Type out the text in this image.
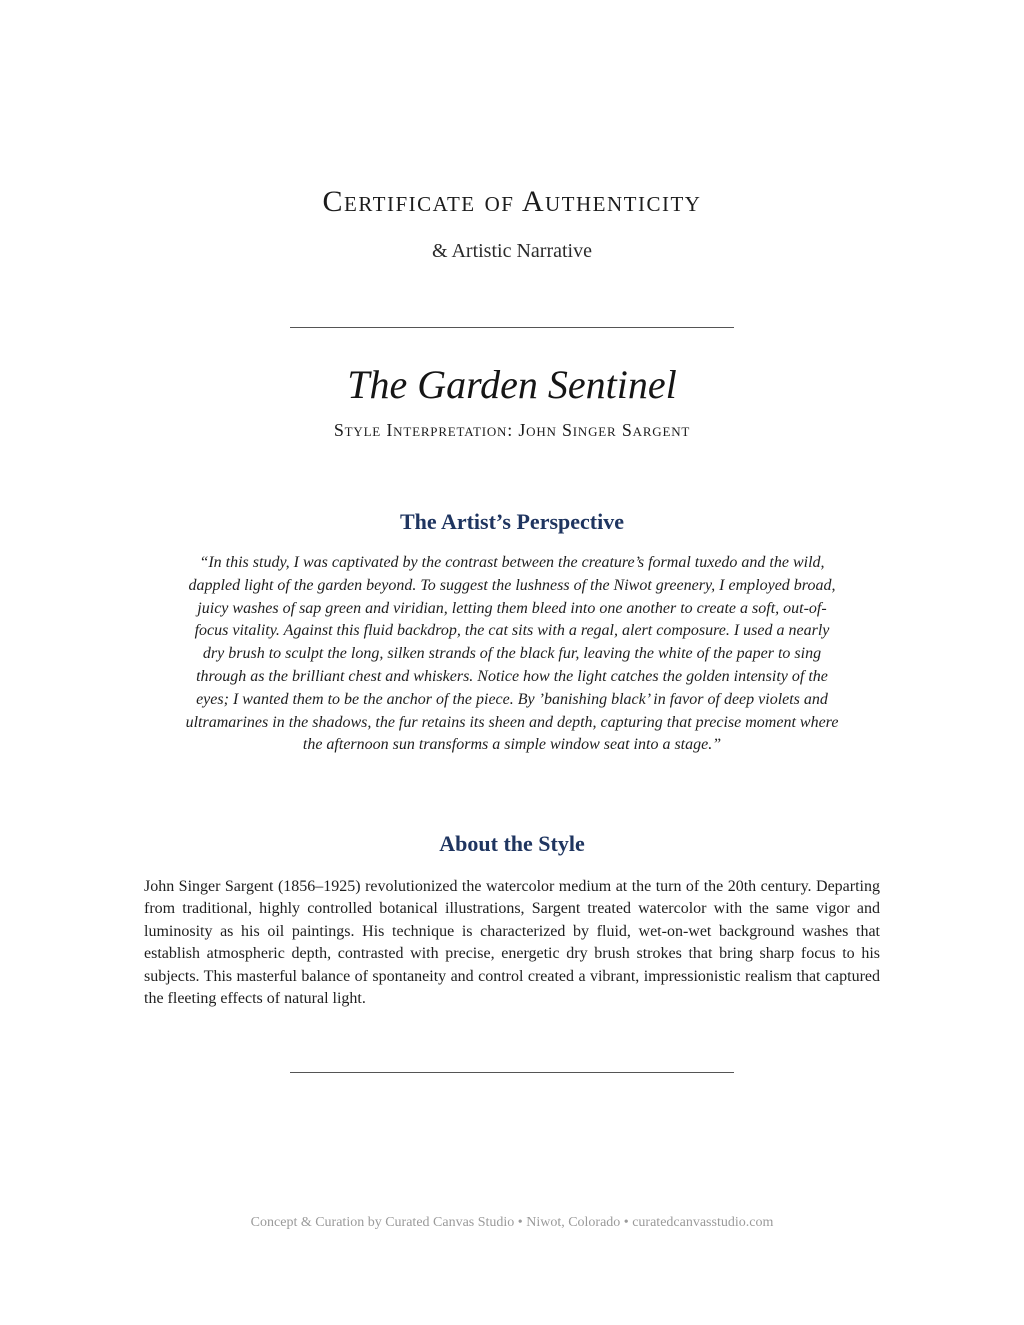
Certificate of Authenticity
& Artistic Narrative
The Garden Sentinel
Style Interpretation: John Singer Sargent
The Artist’s Perspective

“In this study, I was captivated by the contrast between the creature’s formal tuxedo and the wild, dappled light of the garden beyond. To suggest the lushness of the Niwot greenery, I employed broad, juicy washes of sap green and viridian, letting them bleed into one another to create a soft, out-of-focus vitality. Against this fluid backdrop, the cat sits with a regal, alert composure. I used a nearly dry brush to sculpt the long, silken strands of the black fur, leaving the white of the paper to sing through as the brilliant chest and whiskers. Notice how the light catches the golden intensity of the eyes; I wanted them to be the anchor of the piece. By ’banishing black’ in favor of deep violets and ultramarines in the shadows, the fur retains its sheen and depth, capturing that precise moment where the afternoon sun transforms a simple window seat into a stage.”

About the Style

John Singer Sargent (1856–1925) revolutionized the watercolor medium at the turn of the 20th century. Departing from traditional, highly controlled botanical illustrations, Sargent treated watercolor with the same vigor and luminosity as his oil paintings. His technique is characterized by fluid, wet-on-wet background washes that establish atmospheric depth, contrasted with precise, energetic dry brush strokes that bring sharp focus to his subjects. This masterful balance of spontaneity and control created a vibrant, impressionistic realism that captured the fleeting effects of natural light.

Concept & Curation by Curated Canvas Studio • Niwot, Colorado • curatedcanvasstudio.com
